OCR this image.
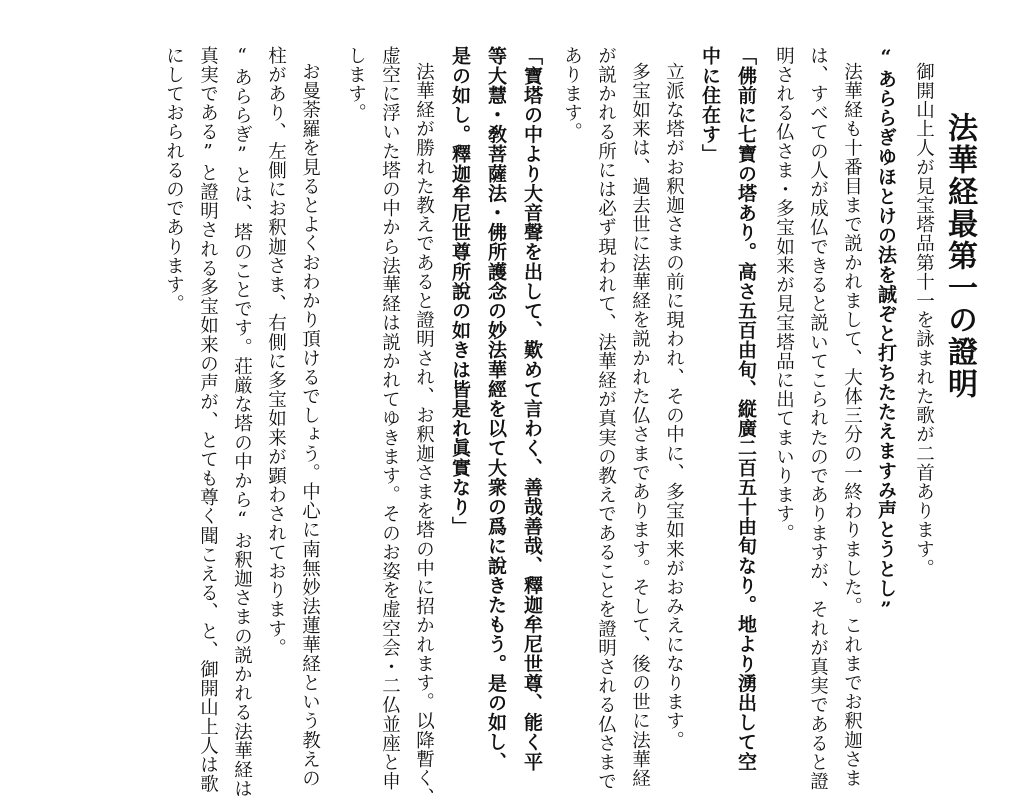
法華経最第一の證明
御開山上人が見宝塔品第十一を詠まれた歌が二首あります。
“あららぎゆほとけの法を誠ぞと打ちたたえますみ声とうとし”
法華経も十番目まで説かれまして、大体三分の一終わりました。これまでお釈迦さま
は、すべての人が成仏できると説いてこられたのでありますが、それが真実であると證
明される仏さま・多宝如来が見宝塔品に出てまいります。
「佛前に七寶の塔あり。高さ五百由旬、縦廣二百五十由旬なり。地より湧出して空
中に住在す」
立派な塔がお釈迦さまの前に現われ、その中に、多宝如来がおみえになります。
多宝如来は、過去世に法華経を説かれた仏さまであります。そして、後の世に法華経
が説かれる所には必ず現われて、法華経が真実の教えであることを證明される仏さまで
あります。
「寶塔の中より大音聲を出して、歎めて言わく、善哉善哉、釋迦牟尼世尊、能く平
等大慧・敎菩薩法・佛所護念の妙法華經を以て大衆の爲に說きたもう。是の如し、
是の如し。釋迦牟尼世尊所說の如きは皆是れ眞實なり」
法華経が勝れた教えであると證明され、お釈迦さまを塔の中に招かれます。以降暫く、
虚空に浮いた塔の中から法華経は説かれてゆきます。そのお姿を虚空会・二仏並座と申
します。
お曼荼羅を見るとよくおわかり頂けるでしょう。中心に南無妙法蓮華経という教えの
柱があり、左側にお釈迦さま、右側に多宝如来が顕わされております。
“あららぎ”とは、塔のことです。荘厳な塔の中から“お釈迦さまの説かれる法華経は
真実である”と證明される多宝如来の声が、とても尊く聞こえる、と、御開山上人は歌
にしておられるのであります。
